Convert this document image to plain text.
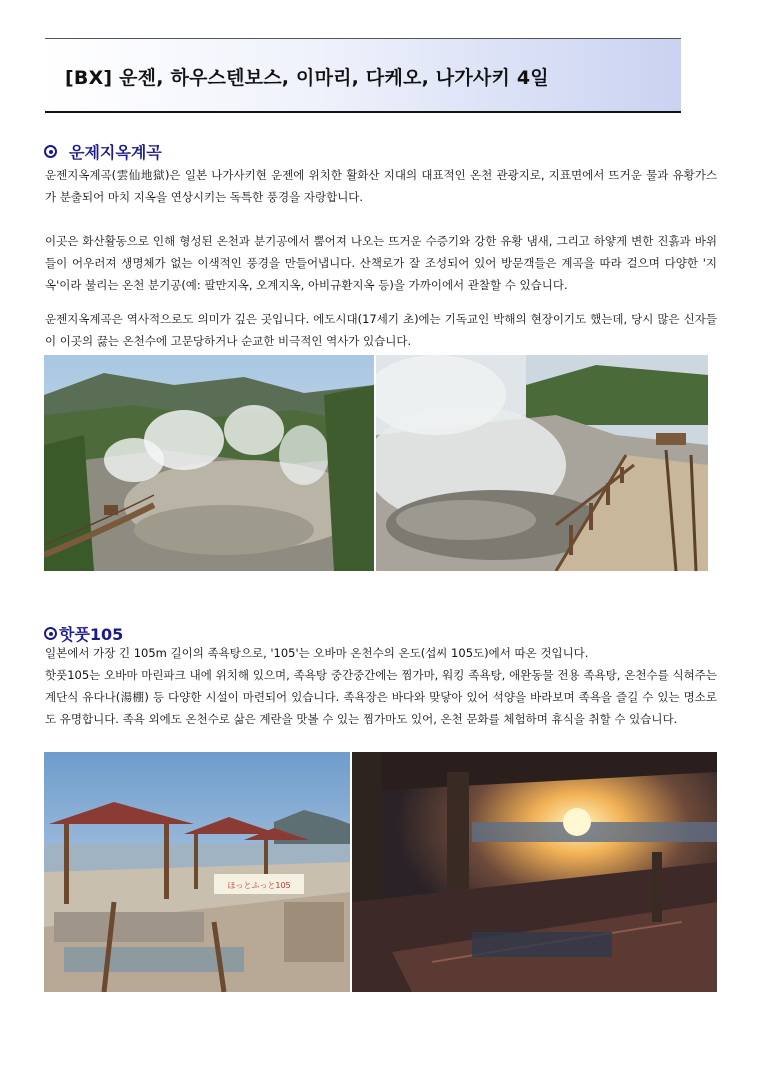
[BX] 운젠, 하우스텐보스, 이마리, 다케오, 나가사키 4일
운제지옥계곡

운젠지옥계곡(雲仙地獄)은 일본 나가사키현 운젠에 위치한 활화산 지대의 대표적인 온천 관광지로, 지표면에서 뜨거운 물과 유황가스가 분출되어 마치 지옥을 연상시키는 독특한 풍경을 자랑합니다.

이곳은 화산활동으로 인해 형성된 온천과 분기공에서 뿜어져 나오는 뜨거운 수증기와 강한 유황 냄새, 그리고 하얗게 변한 진흙과 바위들이 어우러져 생명체가 없는 이색적인 풍경을 만들어냅니다. 산책로가 잘 조성되어 있어 방문객들은 계곡을 따라 걸으며 다양한 '지옥'이라 불리는 온천 분기공(예: 팔만지옥, 오계지옥, 아비규환지옥 등)을 가까이에서 관찰할 수 있습니다.

운젠지옥계곡은 역사적으로도 의미가 깊은 곳입니다. 에도시대(17세기 초)에는 기독교인 박해의 현장이기도 했는데, 당시 많은 신자들이 이곳의 끓는 온천수에 고문당하거나 순교한 비극적인 역사가 있습니다.

핫풋105

일본에서 가장 긴 105m 길이의 족욕탕으로, '105'는 오바마 온천수의 온도(섭씨 105도)에서 따온 것입니다.

핫풋105는 오바마 마린파크 내에 위치해 있으며, 족욕탕 중간중간에는 찜가마, 워킹 족욕탕, 애완동물 전용 족욕탕, 온천수를 식혀주는 계단식 유다나(湯棚) 등 다양한 시설이 마련되어 있습니다. 족욕장은 바다와 맞닿아 있어 석양을 바라보며 족욕을 즐길 수 있는 명소로도 유명합니다. 족욕 외에도 온천수로 삶은 계란을 맛볼 수 있는 찜가마도 있어, 온천 문화를 체험하며 휴식을 취할 수 있습니다.

ほっとふっと105
